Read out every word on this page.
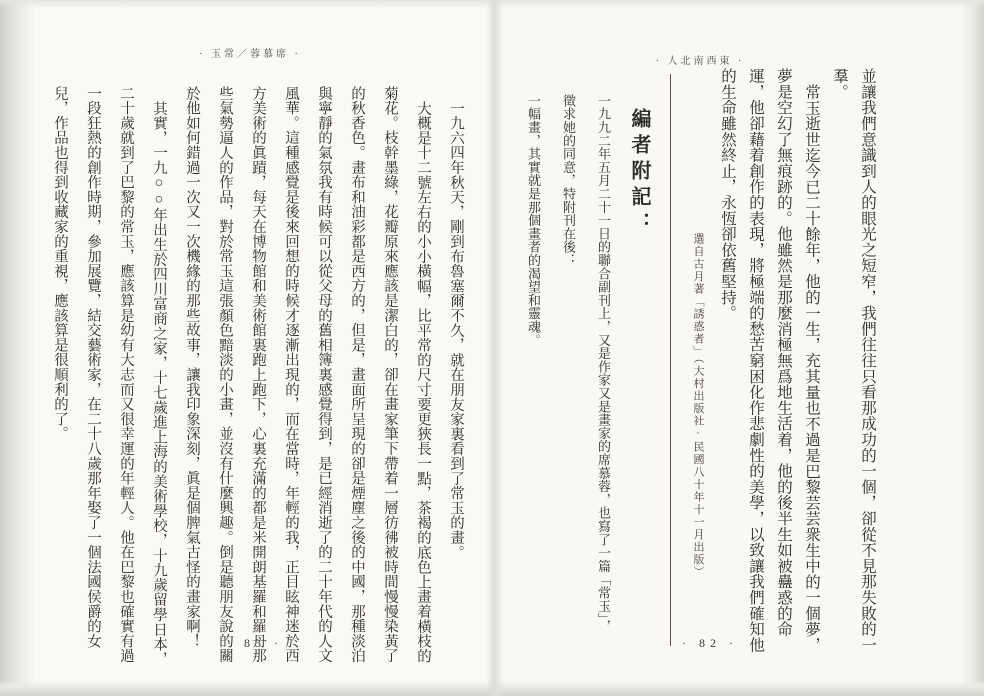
· 玉常／蓉慕席 ·

一九六四年秋天，剛到布魯塞爾不久，就在朋友家裏看到了常玉的畫。

大概是十二號左右的小小橫幅，比平常的尺寸要更狹長一點，茶褐的底色上畫着橫枝的菊花。枝幹墨綠，花瓣原來應該是潔白的，卻在畫家筆下帶着一層彷彿被時間慢慢染黃了的秋香色。畫布和油彩都是西方的，但是，畫面所呈現的卻是煙塵之後的中國，那種淡泊與寧靜的氣氛我有時候可以從父母的舊相簿裏感覺得到，是已經消逝了的二十年代的人文風華。這種感覺是後來回想的時候才逐漸出現的，而在當時，年輕的我，正目眩神迷於西方美術的眞蹟，每天在博物館和美術館裏跑上跑下，心裏充滿的都是米開朗基羅和羅丹那些氣勢逼人的作品，對於常玉這張顏色黯淡的小畫，並沒有什麼興趣。倒是聽朋友說的關於他如何錯過一次又一次機緣的那些故事，讓我印象深刻，眞是個脾氣古怪的畫家啊！

其實，一九○○年出生於四川富商之家，十七歲進上海的美術學校，十九歲留學日本，二十歲就到了巴黎的常玉，應該算是幼有大志而又很幸運的年輕人。他在巴黎也確實有過一段狂熱的創作時期，參加展覽，結交藝術家，在二十八歲那年娶了一個法國侯爵的女兒，作品也得到收藏家的重視，應該算是很順利的了。

· 83 ·
· 人北南西東 ·

並讓我們意識到人的眼光之短窄，我們往往只看那成功的一個，卻從不見那失敗的一羣。

常玉逝世迄今已二十餘年，他的一生，充其量也不過是巴黎芸芸衆生中的一個夢，夢是空幻了無痕跡的。他雖然是那麼消極無爲地生活着，他的後半生如被蠱惑的命運，他卻藉着創作的表現，將極端的愁苦窮困化作悲劇性的美學，以致讓我們確知他的生命雖然終止，永恆卻依舊堅持。

選自古月著「誘惑者」（大村出版社·民國八十年十一月出版）

編者附記：

一九九二年五月二十一日的聯合副刊上，又是作家又是畫家的席慕蓉，也寫了一篇「常玉」，

徵求她的同意，特附刊在後：

一幅畫，其實就是那個畫者的渴望和靈魂。

· 82 ·
